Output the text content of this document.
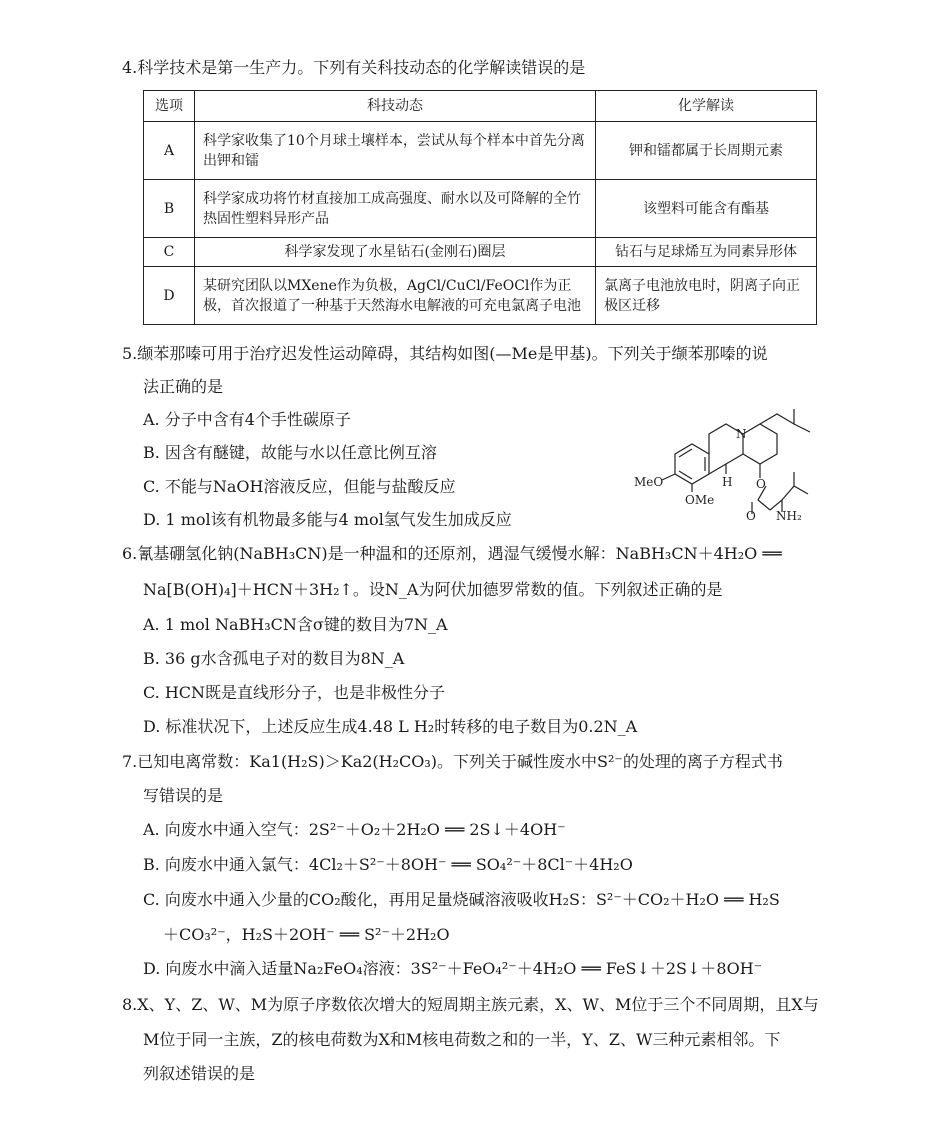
4.科学技术是第一生产力。下列有关科技动态的化学解读错误的是
选项	科技动态	化学解读
A	科学家收集了10个月球土壤样本，尝试从每个样本中首先分离出钾和镭	钾和镭都属于长周期元素
B	科学家成功将竹材直接加工成高强度、耐水以及可降解的全竹热固性塑料异形产品	该塑料可能含有酯基
C	科学家发现了水星钻石(金刚石)圈层	钻石与足球烯互为同素异形体
D	某研究团队以MXene作为负极，AgCl/CuCl/FeOCl作为正极，首次报道了一种基于天然海水电解液的可充电氯离子电池	氯离子电池放电时，阴离子向正极区迁移
5.缬苯那嗪可用于治疗迟发性运动障碍，其结构如图(—Me是甲基)。下列关于缬苯那嗪的说
法正确的是
A. 分子中含有4个手性碳原子
B. 因含有醚键，故能与水以任意比例互溶
C. 不能与NaOH溶液反应，但能与盐酸反应
D. 1 mol该有机物最多能与4 mol氢气发生加成反应
N
H O
O
MeO
OMe
NH₂
6.氰基硼氢化钠(NaBH₃CN)是一种温和的还原剂，遇湿气缓慢水解：NaBH₃CN＋4H₂O ══
Na[B(OH)₄]＋HCN＋3H₂↑。设N_A为阿伏加德罗常数的值。下列叙述正确的是
A. 1 mol NaBH₃CN含σ键的数目为7N_A
B. 36 g水含孤电子对的数目为8N_A
C. HCN既是直线形分子，也是非极性分子
D. 标准状况下，上述反应生成4.48 L H₂时转移的电子数目为0.2N_A
7.已知电离常数：Ka1(H₂S)＞Ka2(H₂CO₃)。下列关于碱性废水中S²⁻的处理的离子方程式书
写错误的是
A. 向废水中通入空气：2S²⁻＋O₂＋2H₂O ══ 2S↓＋4OH⁻
B. 向废水中通入氯气：4Cl₂＋S²⁻＋8OH⁻ ══ SO₄²⁻＋8Cl⁻＋4H₂O
C. 向废水中通入少量的CO₂酸化，再用足量烧碱溶液吸收H₂S：S²⁻＋CO₂＋H₂O ══ H₂S
＋CO₃²⁻，H₂S＋2OH⁻ ══ S²⁻＋2H₂O
D. 向废水中滴入适量Na₂FeO₄溶液：3S²⁻＋FeO₄²⁻＋4H₂O ══ FeS↓＋2S↓＋8OH⁻
8.X、Y、Z、W、M为原子序数依次增大的短周期主族元素，X、W、M位于三个不同周期，且X与
M位于同一主族，Z的核电荷数为X和M核电荷数之和的一半，Y、Z、W三种元素相邻。下
列叙述错误的是
